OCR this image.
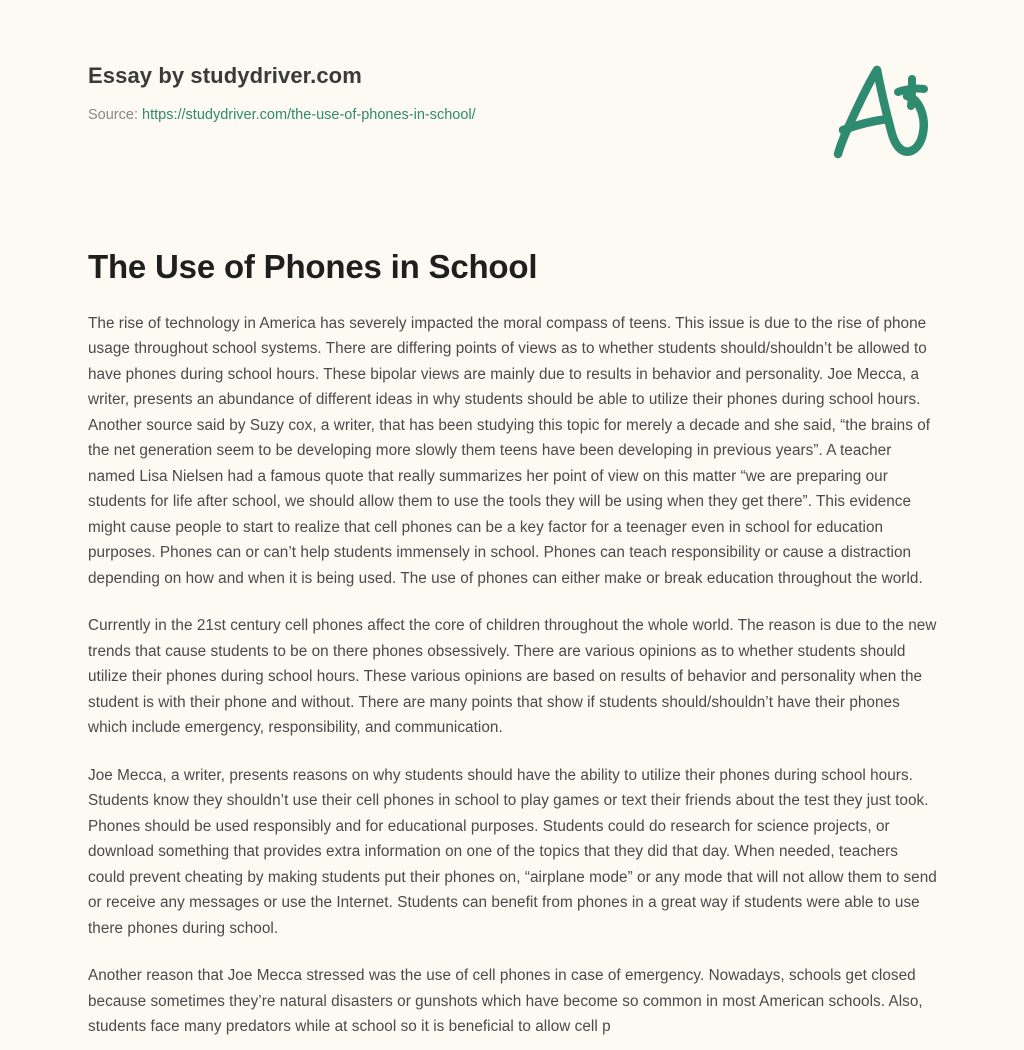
Essay by studydriver.com
Source: https://studydriver.com/the-use-of-phones-in-school/
The Use of Phones in School

The rise of technology in America has severely impacted the moral compass of teens. This issue is due to the rise of phone usage throughout school systems. There are differing points of views as to whether students should/shouldn’t be allowed to have phones during school hours. These bipolar views are mainly due to results in behavior and personality. Joe Mecca, a writer, presents an abundance of different ideas in why students should be able to utilize their phones during school hours. Another source said by Suzy cox, a writer, that has been studying this topic for merely a decade and she said, “the brains of the net generation seem to be developing more slowly them teens have been developing in previous years”. A teacher named Lisa Nielsen had a famous quote that really summarizes her point of view on this matter “we are preparing our students for life after school, we should allow them to use the tools they will be using when they get there”. This evidence might cause people to start to realize that cell phones can be a key factor for a teenager even in school for education purposes. Phones can or can’t help students immensely in school. Phones can teach responsibility or cause a distraction depending on how and when it is being used. The use of phones can either make or break education throughout the world.

Currently in the 21st century cell phones affect the core of children throughout the whole world. The reason is due to the new trends that cause students to be on there phones obsessively. There are various opinions as to whether students should utilize their phones during school hours. These various opinions are based on results of behavior and personality when the student is with their phone and without. There are many points that show if students should/shouldn’t have their phones which include emergency, responsibility, and communication.

Joe Mecca, a writer, presents reasons on why students should have the ability to utilize their phones during school hours. Students know they shouldn’t use their cell phones in school to play games or text their friends about the test they just took. Phones should be used responsibly and for educational purposes. Students could do research for science projects, or download something that provides extra information on one of the topics that they did that day. When needed, teachers could prevent cheating by making students put their phones on, “airplane mode” or any mode that will not allow them to send or receive any messages or use the Internet. Students can benefit from phones in a great way if students were able to use there phones during school.

Another reason that Joe Mecca stressed was the use of cell phones in case of emergency. Nowadays, schools get closed because sometimes they’re natural disasters or gunshots which have become so common in most American schools. Also, students face many predators while at school so it is beneficial to allow cell p
